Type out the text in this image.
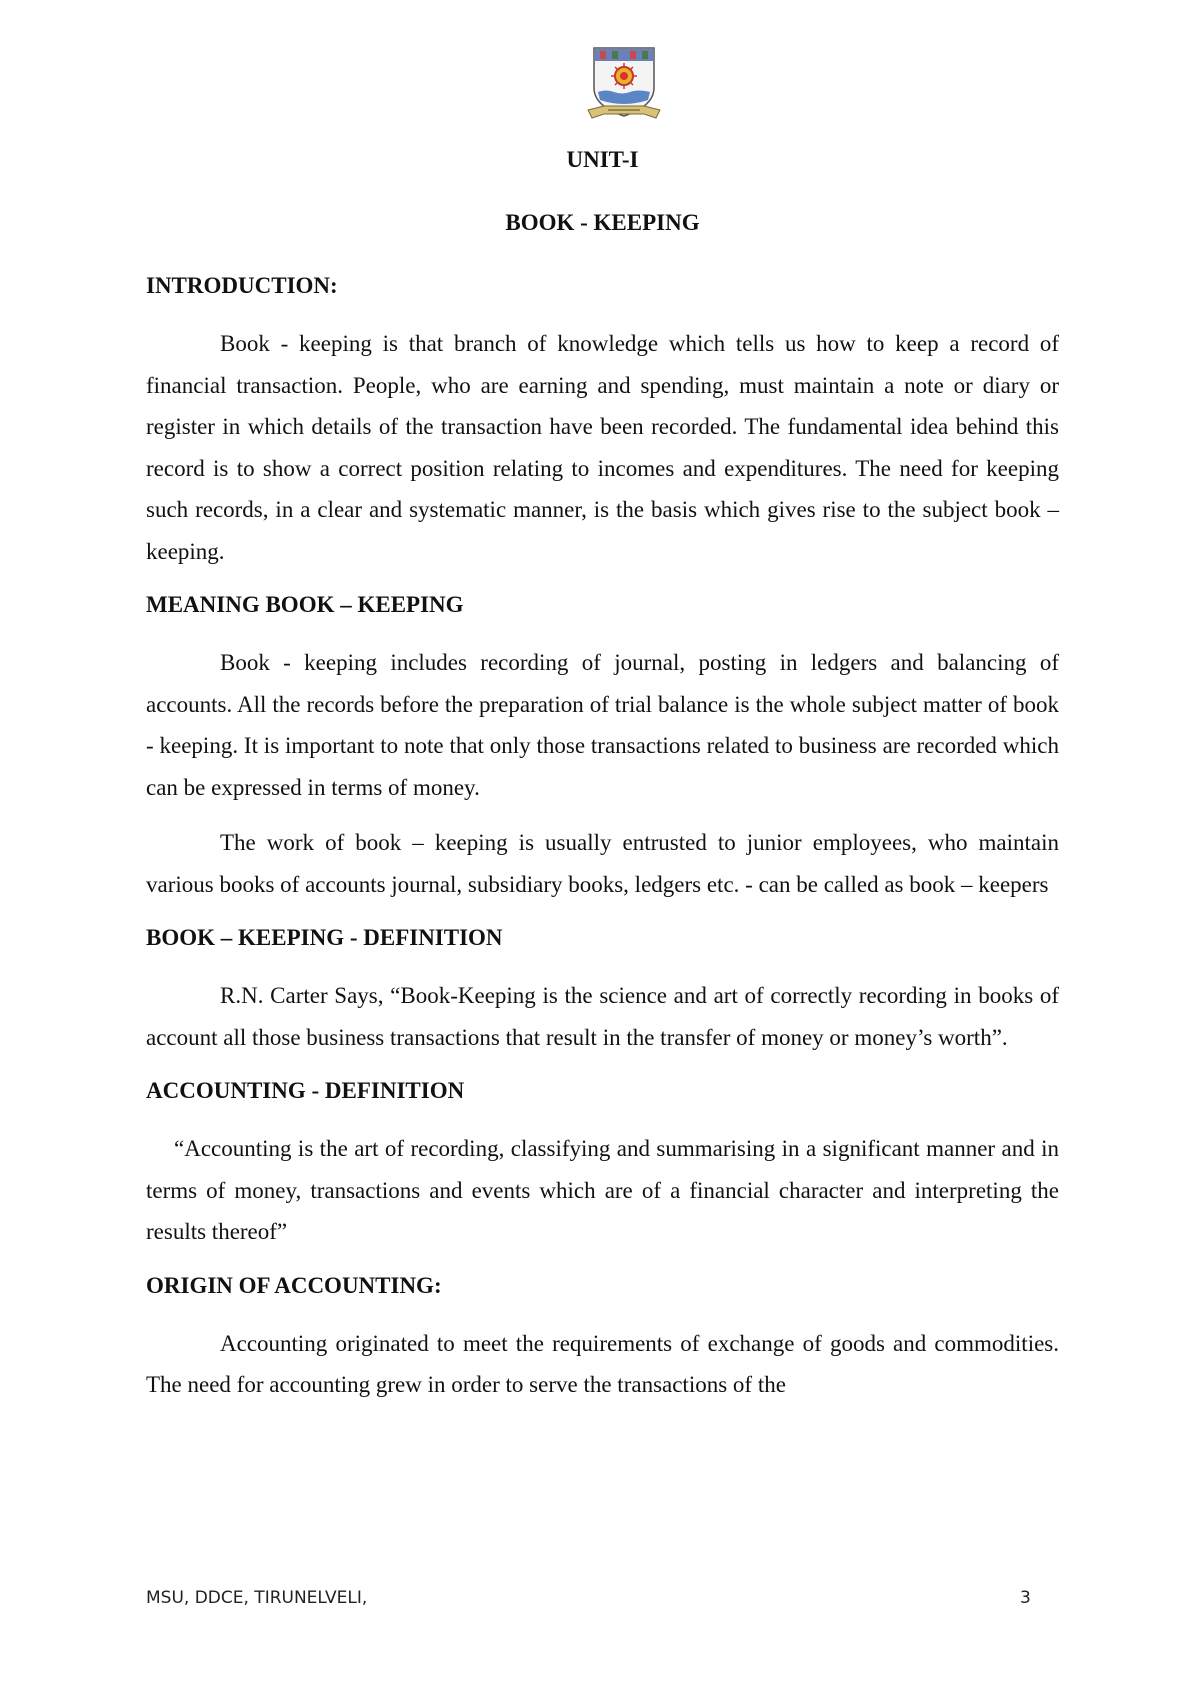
UNIT-I

BOOK - KEEPING

INTRODUCTION:

Book - keeping is that branch of knowledge which tells us how to keep a record of financial transaction. People, who are earning and spending, must maintain a note or diary or register in which details of the transaction have been recorded. The fundamental idea behind this record is to show a correct position relating to incomes and expenditures. The need for keeping such records, in a clear and systematic manner, is the basis which gives rise to the subject book – keeping.

MEANING BOOK – KEEPING

Book - keeping includes recording of journal, posting in ledgers and balancing of accounts. All the records before the preparation of trial balance is the whole subject matter of book - keeping. It is important to note that only those transactions related to business are recorded which can be expressed in terms of money.

The work of book – keeping is usually entrusted to junior employees, who maintain various books of accounts journal, subsidiary books, ledgers etc. - can be called as book – keepers

BOOK – KEEPING - DEFINITION

R.N. Carter Says, “Book-Keeping is the science and art of correctly recording in books of account all those business transactions that result in the transfer of money or money’s worth”.

ACCOUNTING - DEFINITION

“Accounting is the art of recording, classifying and summarising in a significant manner and in terms of money, transactions and events which are of a financial character and interpreting the results thereof”

ORIGIN OF ACCOUNTING:

Accounting originated to meet the requirements of exchange of goods and commodities. The need for accounting grew in order to serve the transactions of the

MSU, DDCE, TIRUNELVELI,	3
